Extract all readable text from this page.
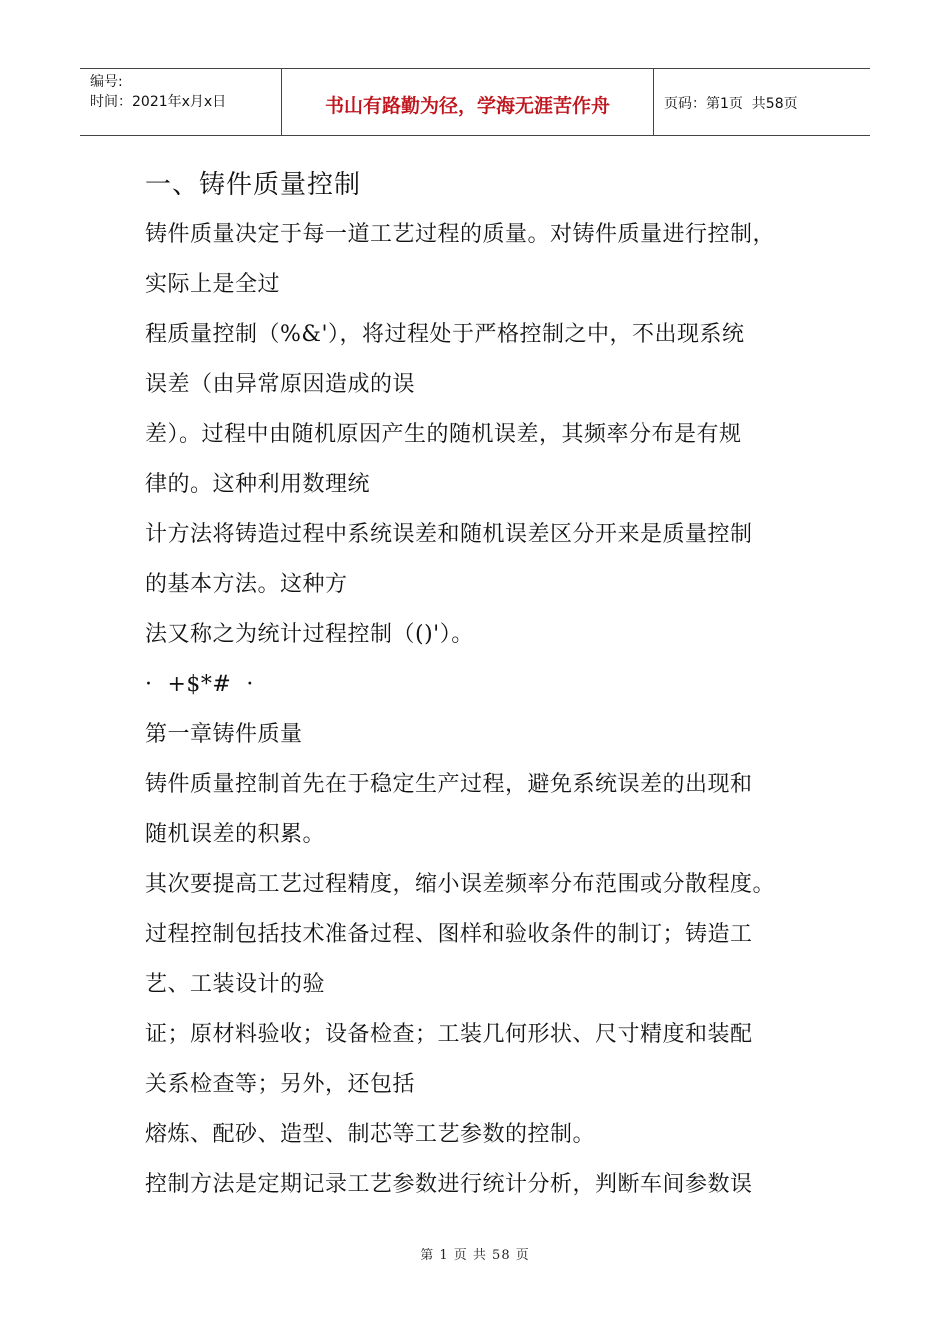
编号:
时间：2021年x月x日	书山有路勤为径，学海无涯苦作舟	页码：第1页  共58页
一、铸件质量控制

铸件质量决定于每一道工艺过程的质量。对铸件质量进行控制，

实际上是全过

程质量控制（%&'），将过程处于严格控制之中，不出现系统

误差（由异常原因造成的误

差）。过程中由随机原因产生的随机误差，其频率分布是有规

律的。这种利用数理统

计方法将铸造过程中系统误差和随机误差区分开来是质量控制

的基本方法。这种方

法又称之为统计过程控制（()'）。

·  +$*#  ·

第一章铸件质量

铸件质量控制首先在于稳定生产过程，避免系统误差的出现和

随机误差的积累。

其次要提高工艺过程精度，缩小误差频率分布范围或分散程度。

过程控制包括技术准备过程、图样和验收条件的制订；铸造工

艺、工装设计的验

证；原材料验收；设备检查；工装几何形状、尺寸精度和装配

关系检查等；另外，还包括

熔炼、配砂、造型、制芯等工艺参数的控制。

控制方法是定期记录工艺参数进行统计分析，判断车间参数误

第 1 页 共 58 页
